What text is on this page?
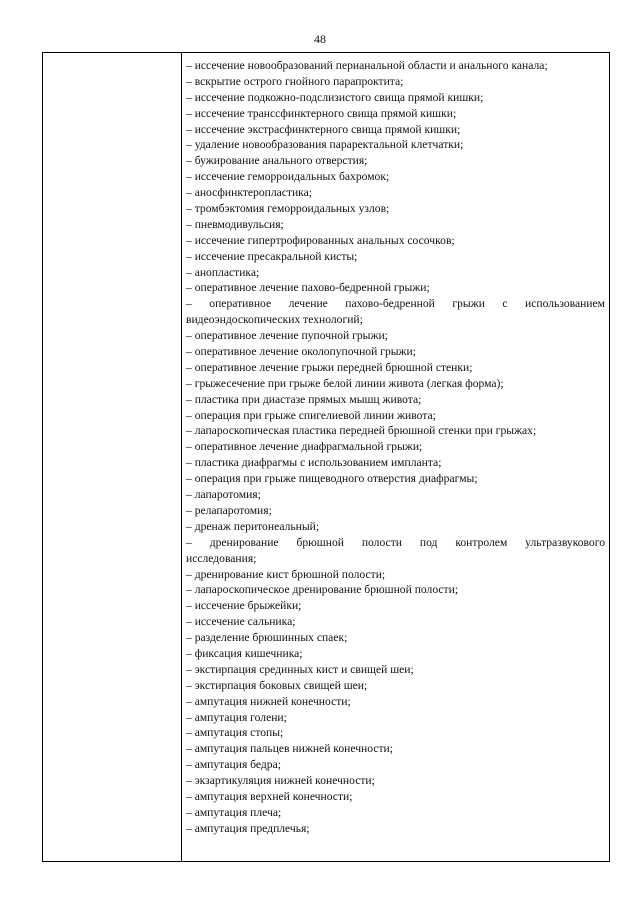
48
– иссечение новообразований перианальной области и анального канала;
– вскрытие острого гнойного парапроктита;
– иссечение подкожно-подслизистого свища прямой кишки;
– иссечение транссфинктерного свища прямой кишки;
– иссечение экстрасфинктерного свища прямой кишки;
– удаление новообразования параректальной клетчатки;
– бужирование анального отверстия;
– иссечение геморроидальных бахромок;
– аносфинктеропластика;
– тромбэктомия геморроидальных узлов;
– пневмодивульсия;
– иссечение гипертрофированных анальных сосочков;
– иссечение пресакральной кисты;
– анопластика;
– оперативное лечение пахово-бедренной грыжи;
– оперативное лечение пахово-бедренной грыжи с использованием
видеоэндоскопических технологий;
– оперативное лечение пупочной грыжи;
– оперативное лечение околопупочной грыжи;
– оперативное лечение грыжи передней брюшной стенки;
– грыжесечение при грыже белой линии живота (легкая форма);
– пластика при диастазе прямых мышц живота;
– операция при грыже спигелиевой линии живота;
– лапароскопическая пластика передней брюшной стенки при грыжах;
– оперативное лечение диафрагмальной грыжи;
– пластика диафрагмы с использованием импланта;
– операция при грыже пищеводного отверстия диафрагмы;
– лапаротомия;
– релапаротомия;
– дренаж перитонеальный;
– дренирование брюшной полости под контролем ультразвукового
исследования;
– дренирование кист брюшной полости;
– лапароскопическое дренирование брюшной полости;
– иссечение брыжейки;
– иссечение сальника;
– разделение брюшинных спаек;
– фиксация кишечника;
– экстирпация срединных кист и свищей шеи;
– экстирпация боковых свищей шеи;
– ампутация нижней конечности;
– ампутация голени;
– ампутация стопы;
– ампутация пальцев нижней конечности;
– ампутация бедра;
– экзартикуляция нижней конечности;
– ампутация верхней конечности;
– ампутация плеча;
– ампутация предплечья;
